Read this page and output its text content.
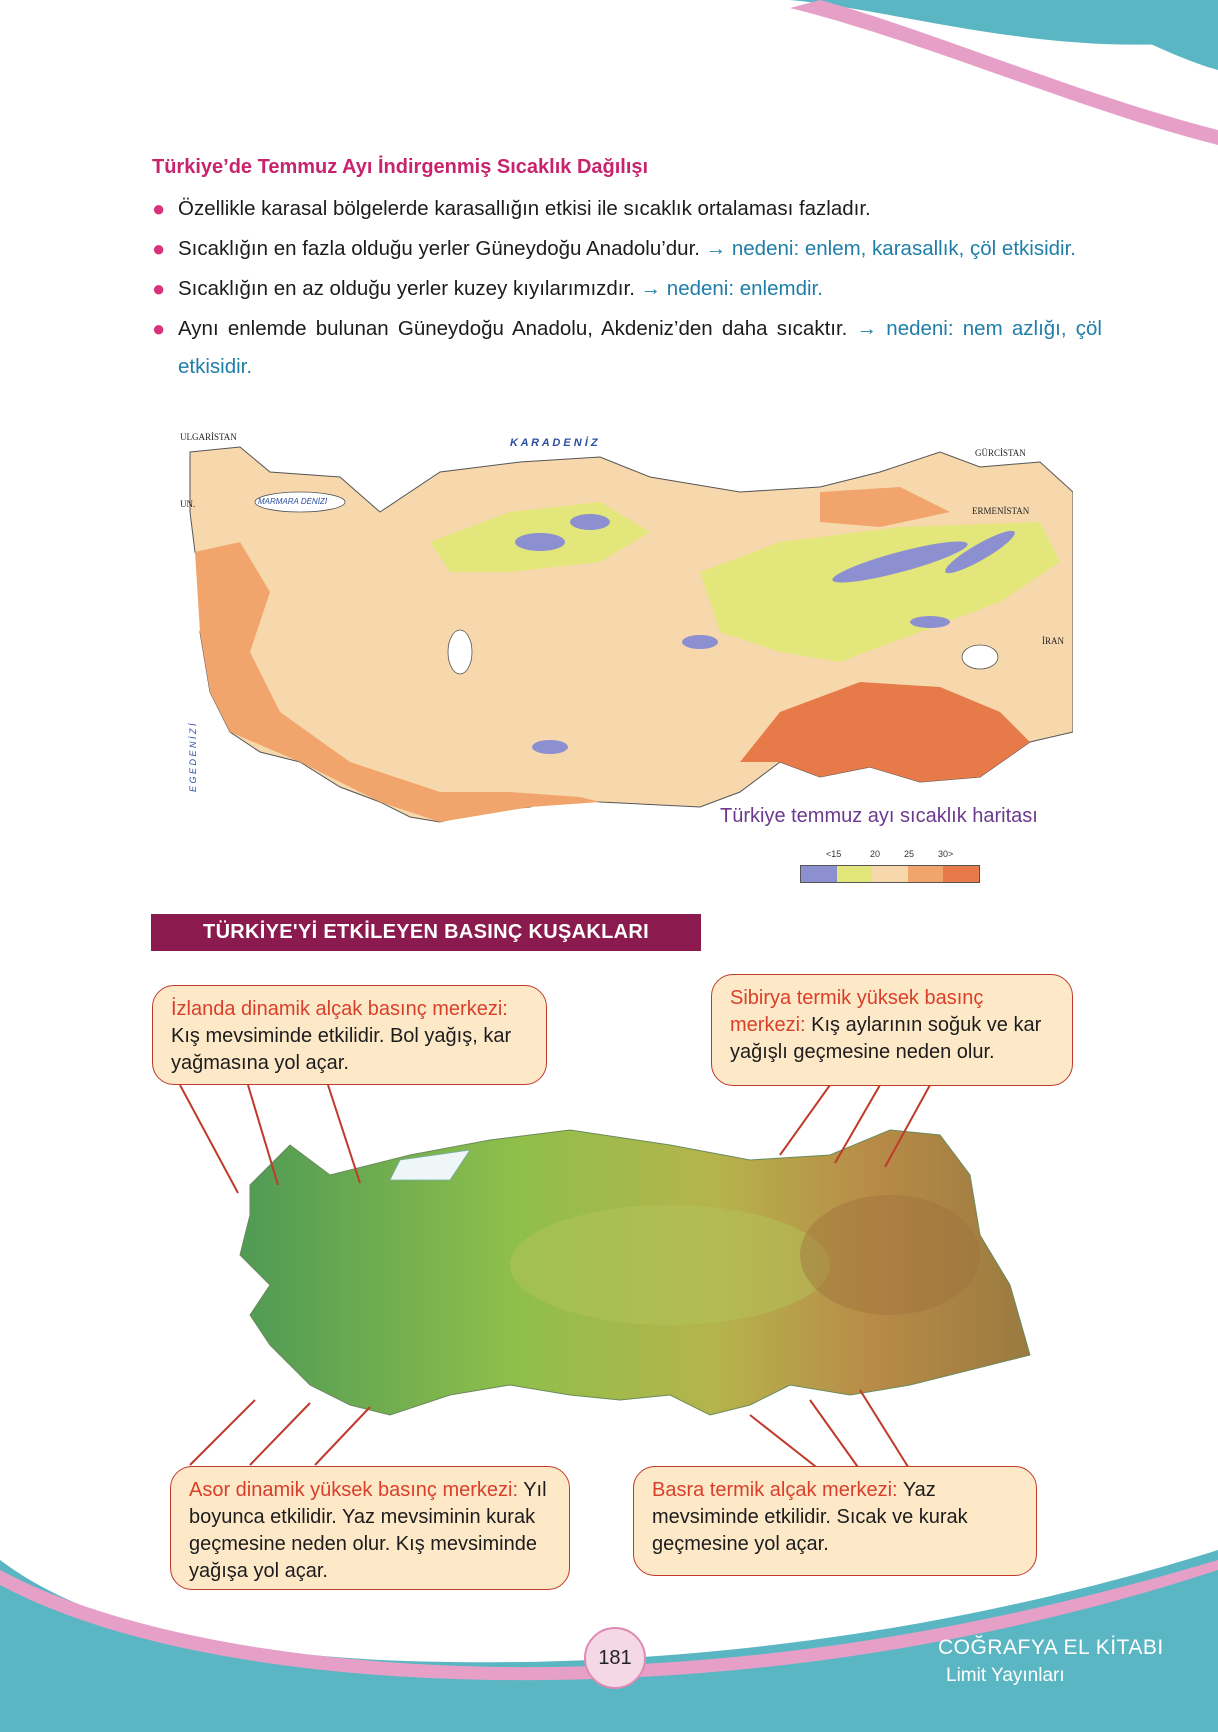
Türkiye’de Temmuz Ayı İndirgenmiş Sıcaklık Dağılışı
● Özellikle karasal bölgelerde karasallığın etkisi ile sıcaklık ortalaması fazladır.
● Sıcaklığın en fazla olduğu yerler Güneydoğu Anadolu’dur. → nedeni: enlem, karasallık, çöl etkisidir.
● Sıcaklığın en az olduğu yerler kuzey kıyılarımızdır. → nedeni: enlemdir.
● Aynı enlemde bulunan Güneydoğu Anadolu, Akdeniz’den daha sıcaktır. → nedeni: nem azlığı, çöl etkisidir.
K A R A D E N İ Z
ULGARİSTAN
GÜRCİSTAN
ERMENİSTAN
İRAN
MARMARA DENİZİ
UN.
E G E D E N İ Z İ
Türkiye temmuz ayı sıcaklık haritası
<15	20	25	30>
TÜRKİYE'Yİ ETKİLEYEN BASINÇ KUŞAKLARI
İzlanda dinamik alçak basınç merkezi: Kış mevsiminde etkilidir. Bol yağış, kar yağmasına yol açar.
Sibirya termik yüksek basınç merkezi: Kış aylarının soğuk ve kar yağışlı geçmesine neden olur.
Asor dinamik yüksek basınç merkezi: Yıl boyunca etkilidir. Yaz mevsiminin kurak geçmesine neden olur. Kış mevsiminde yağışa yol açar.
Basra termik alçak merkezi: Yaz mevsiminde etkilidir. Sıcak ve kurak geçmesine yol açar.
181	COĞRAFYA EL KİTABI
Limit Yayınları
